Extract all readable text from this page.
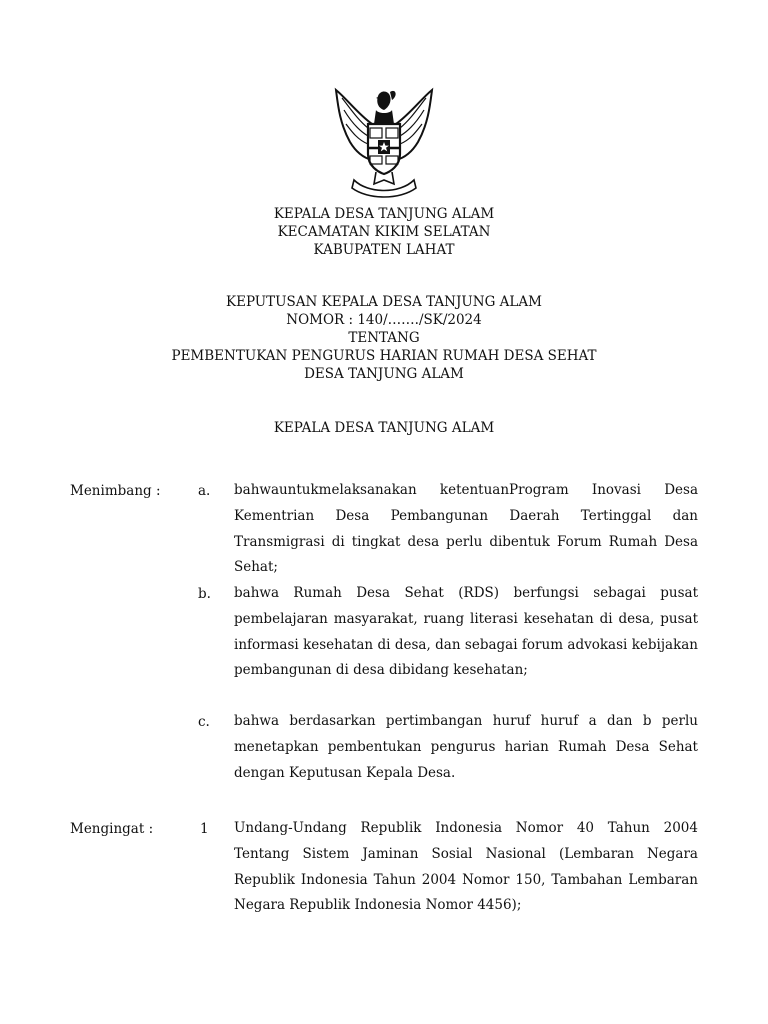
KEPALA DESA TANJUNG ALAM
KECAMATAN KIKIM SELATAN
KABUPATEN LAHAT
KEPUTUSAN KEPALA DESA TANJUNG ALAM
NOMOR : 140/……./SK/2024
TENTANG
PEMBENTUKAN PENGURUS HARIAN RUMAH DESA SEHAT
DESA TANJUNG ALAM
KEPALA DESA TANJUNG ALAM
Menimbang :	a. bahwauntukmelaksanakan ketentuanProgram Inovasi Desa Kementrian Desa Pembangunan Daerah Tertinggal dan Transmigrasi di tingkat desa perlu dibentuk Forum Rumah Desa Sehat;

b. bahwa Rumah Desa Sehat (RDS) berfungsi sebagai pusat pembelajaran masyarakat, ruang literasi kesehatan di desa, pusat informasi kesehatan di desa, dan sebagai forum advokasi kebijakan pembangunan di desa dibidang kesehatan;

c. bahwa berdasarkan pertimbangan huruf huruf a dan b perlu menetapkan pembentukan pengurus harian Rumah Desa Sehat dengan Keputusan Kepala Desa.

Mengingat :	1 Undang-Undang Republik Indonesia Nomor 40 Tahun 2004 Tentang Sistem Jaminan Sosial Nasional (Lembaran Negara Republik Indonesia Tahun 2004 Nomor 150, Tambahan Lembaran Negara Republik Indonesia Nomor 4456);
